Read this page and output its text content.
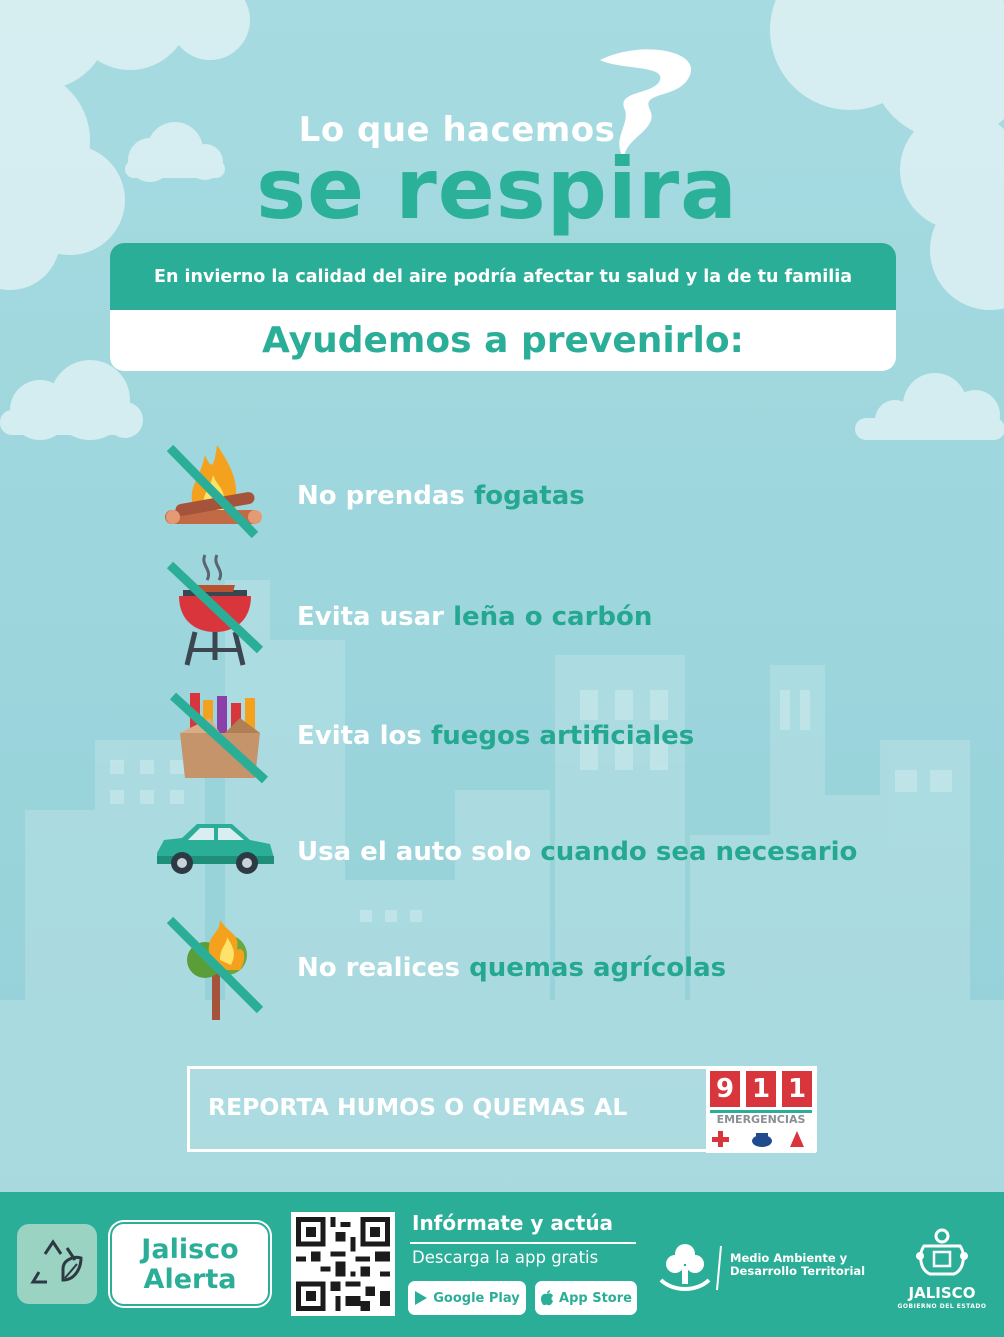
Lo que hacemos
se respira
En invierno la calidad del aire podría afectar tu salud y la de tu familia
Ayudemos a prevenirlo:
No prendas fogatas
Evita usar leña o carbón
Evita los fuegos artificiales
Usa el auto solo cuando sea necesario
No realices quemas agrícolas
REPORTA HUMOS O QUEMAS AL
9 1 1
EMERGENCIAS
Jalisco
Alerta
Infórmate y actúa
Descarga la app gratis
Google Play	App Store
Medio Ambiente y
Desarrollo Territorial
JALISCO
GOBIERNO DEL ESTADO
